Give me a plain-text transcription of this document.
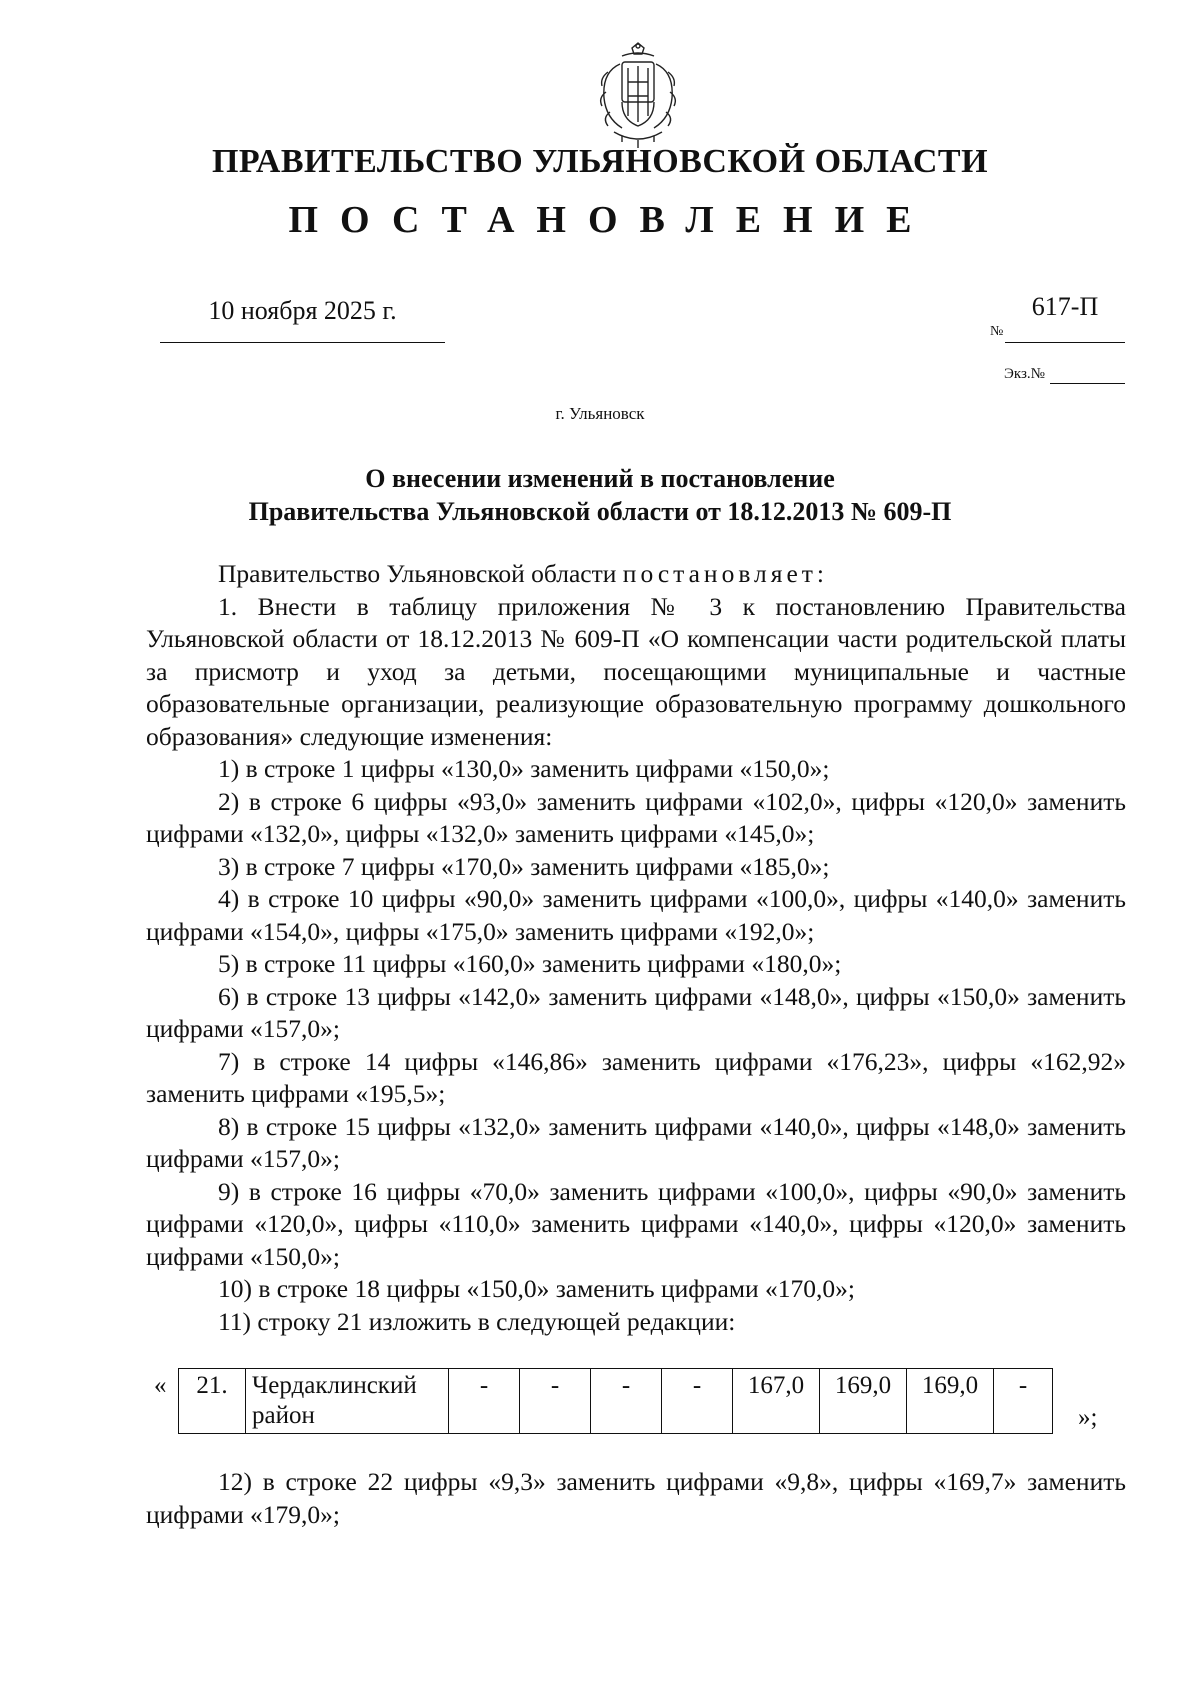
ПРАВИТЕЛЬСТВО УЛЬЯНОВСКОЙ ОБЛАСТИ
ПОСТАНОВЛЕНИЕ
10 ноября 2025 г.
№
617-П
Экз.№
г. Ульяновск
О внесении изменений в постановление
Правительства Ульяновской области от 18.12.2013 № 609-П

Правительство Ульяновской области постановляет:

1. Внести в таблицу приложения № 3 к постановлению Правительства Ульяновской области от 18.12.2013 № 609-П «О компенсации части родительской платы за присмотр и уход за детьми, посещающими муниципальные и частные образовательные организации, реализующие образовательную программу дошкольного образования» следующие изменения:

1) в строке 1 цифры «130,0» заменить цифрами «150,0»;

2) в строке 6 цифры «93,0» заменить цифрами «102,0», цифры «120,0» заменить цифрами «132,0», цифры «132,0» заменить цифрами «145,0»;

3) в строке 7 цифры «170,0» заменить цифрами «185,0»;

4) в строке 10 цифры «90,0» заменить цифрами «100,0», цифры «140,0» заменить цифрами «154,0», цифры «175,0» заменить цифрами «192,0»;

5) в строке 11 цифры «160,0» заменить цифрами «180,0»;

6) в строке 13 цифры «142,0» заменить цифрами «148,0», цифры «150,0» заменить цифрами «157,0»;

7) в строке 14 цифры «146,86» заменить цифрами «176,23», цифры «162,92» заменить цифрами «195,5»;

8) в строке 15 цифры «132,0» заменить цифрами «140,0», цифры «148,0» заменить цифрами «157,0»;

9) в строке 16 цифры «70,0» заменить цифрами «100,0», цифры «90,0» заменить цифрами «120,0», цифры «110,0» заменить цифрами «140,0», цифры «120,0» заменить цифрами «150,0»;

10) в строке 18 цифры «150,0» заменить цифрами «170,0»;

11) строку 21 изложить в следующей редакции:

« 21.	Чердаклинский район	-	-	-	-	167,0	169,0	169,0	-
»;

12) в строке 22 цифры «9,3» заменить цифрами «9,8», цифры «169,7» заменить цифрами «179,0»;
